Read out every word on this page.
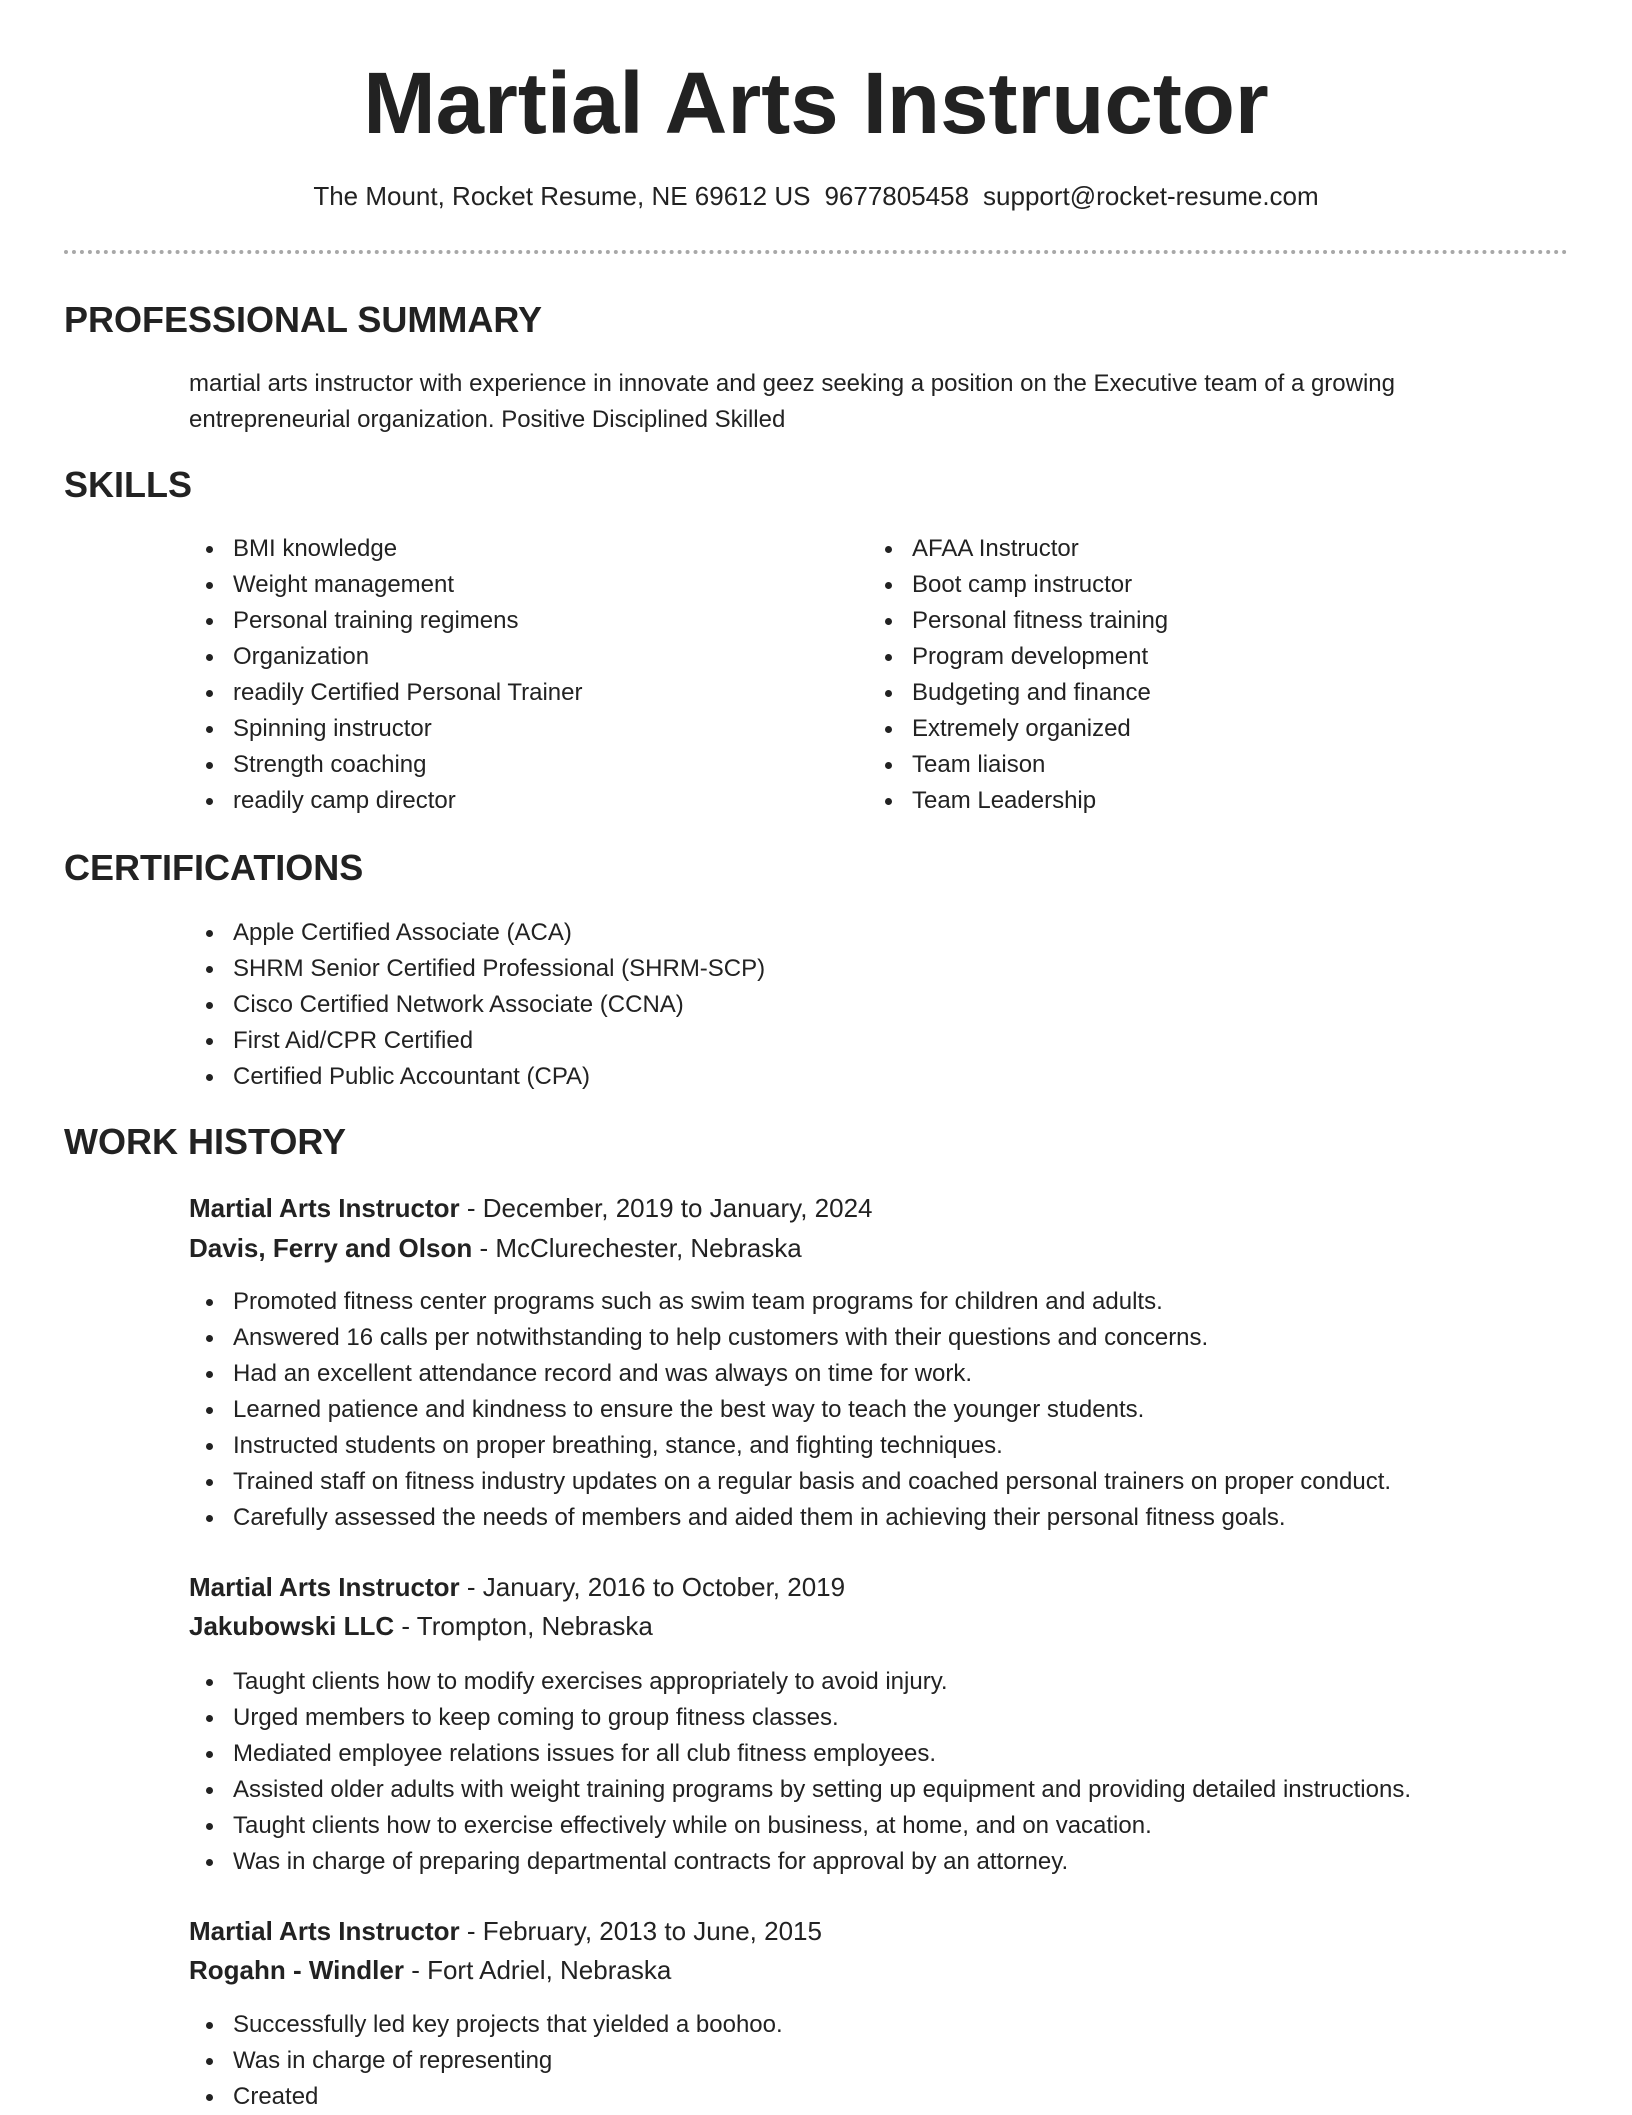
Martial Arts Instructor
The Mount, Rocket Resume, NE 69612 US 9677805458 support@rocket-resume.com
PROFESSIONAL SUMMARY

martial arts instructor with experience in innovate and geez seeking a position on the Executive team of a growing entrepreneurial organization. Positive Disciplined Skilled

SKILLS
BMI knowledge
Weight management
Personal training regimens
Organization
readily Certified Personal Trainer
Spinning instructor
Strength coaching
readily camp director
AFAA Instructor
Boot camp instructor
Personal fitness training
Program development
Budgeting and finance
Extremely organized
Team liaison
Team Leadership
CERTIFICATIONS
Apple Certified Associate (ACA)
SHRM Senior Certified Professional (SHRM-SCP)
Cisco Certified Network Associate (CCNA)
First Aid/CPR Certified
Certified Public Accountant (CPA)
WORK HISTORY
Martial Arts Instructor - December, 2019 to January, 2024
Davis, Ferry and Olson - McClurechester, Nebraska
Promoted fitness center programs such as swim team programs for children and adults.
Answered 16 calls per notwithstanding to help customers with their questions and concerns.
Had an excellent attendance record and was always on time for work.
Learned patience and kindness to ensure the best way to teach the younger students.
Instructed students on proper breathing, stance, and fighting techniques.
Trained staff on fitness industry updates on a regular basis and coached personal trainers on proper conduct.
Carefully assessed the needs of members and aided them in achieving their personal fitness goals.
Martial Arts Instructor - January, 2016 to October, 2019
Jakubowski LLC - Trompton, Nebraska
Taught clients how to modify exercises appropriately to avoid injury.
Urged members to keep coming to group fitness classes.
Mediated employee relations issues for all club fitness employees.
Assisted older adults with weight training programs by setting up equipment and providing detailed instructions.
Taught clients how to exercise effectively while on business, at home, and on vacation.
Was in charge of preparing departmental contracts for approval by an attorney.
Martial Arts Instructor - February, 2013 to June, 2015
Rogahn - Windler - Fort Adriel, Nebraska
Successfully led key projects that yielded a boohoo.
Was in charge of representing
Created
